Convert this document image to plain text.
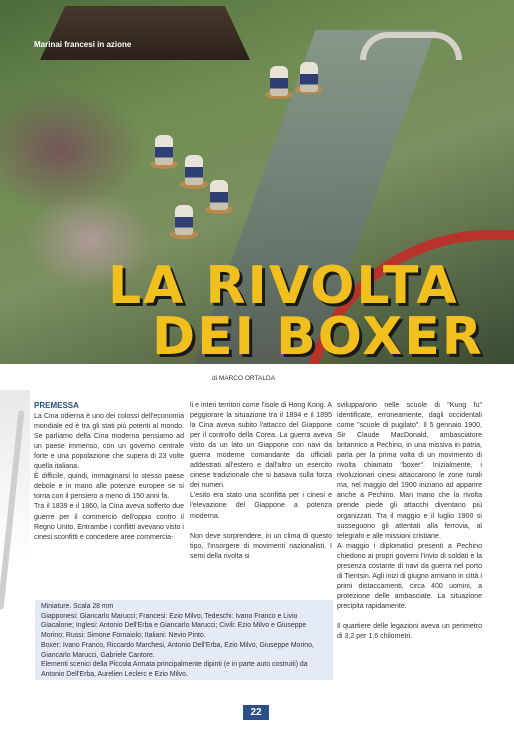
Marinai francesi in azione
LA RIVOLTA
DEI BOXER
di MARCO ORTALDA
PREMESSA

La Cina odierna è uno dei colossi dell'economia mondiale ed è tra gli stati più potenti al mondo. Se parliamo della Cina moderna pensiamo ad un paese immenso, con un governo centrale forte e una popolazione che supera di 23 volte quella italiana.

È difficile, quindi, immaginarsi lo stesso paese debole e in mano alle potenze europee se si torna con il pensiero a meno di 150 anni fa.

Tra il 1839 e il 1860, la Cina aveva sofferto due guerre per il commercio dell'oppio contro il Regno Unito. Entrambe i conflitti avevano visto i cinesi sconfitti e concedere aree commercia-

li e interi territori come l'isole di Hong Kong. A peggiorare la situazione tra il 1894 e il 1895 la Cina aveva subito l'attacco del Giappone per il controllo della Corea. La guerra aveva visto da un lato un Giappone con navi da guerra moderne comandante da ufficiali addestrati all'estero e dall'altro un esercito cinese tradizionale che si basava sulla forza dei numeri.

L'esito era stato una sconfitta per i cinesi e l'elevazione del Giappone a potenza moderna.

Non deve sorprendere, in un clima di questo tipo, l'insorgere di movimenti nazionalisti. I semi della rivolta si

svilupparono nelle scuole di "Kung fu" identificate, erroneamente, dagli occidentali come "scuole di pugilato". Il 5 gennaio 1900, Sir Claude MacDonald, ambasciatore britannico a Pechino, in una missiva in patria, parla per la prima volta di un movimento di rivolta chiamato "boxer". Inizialmente, i rivoluzionari cinesi attaccarono le zone rurali ma, nel maggio del 1900 iniziano ad apparire anche a Pechino. Man mano che la rivolta prende piede gli attacchi diventano più organizzati. Tra il maggio e il luglio 1900 si susseguono gli attentati alla ferrovia, al telegrafo e alle missioni cristiane.

A maggio i diplomatici presenti a Pechino chiedono ai propri governi l'invio di soldati e la presenza costante di navi da guerra nel porto di Tientsin. Agli inizi di giugno arrivano in città i primi distaccamenti, circa 400 uomini, a protezione delle ambasciate. La situazione precipita rapidamente.

Il quartiere delle legazioni aveva un perimetro di 3,2 per 1,6 chilometri.

Miniature. Scala 28 mm

Giapponesi: Giancarlo Marucci; Francesi: Ezio Milvo; Tedeschi: Ivano Franco e Livio Giacalone; Inglesi: Antonio Dell'Erba e Giancarlo Marucci; Civili: Ezio Milvo e Giuseppe Morino; Russi: Simone Fornaiolo; Italiani: Nevio Pinto.

Boxer: Ivano Franco, Riccardo Marchesi, Antonio Dell'Erba, Ezio Milvo, Giuseppe Morino, Giancarlo Marucci, Gabriele Cantore.

Elementi scenici della Piccola Armata principalmente dipinti (e in parte auto costruiti) da Antonio Dell'Erba, Aurelien Leclerc e Ezio Milvo.

22
